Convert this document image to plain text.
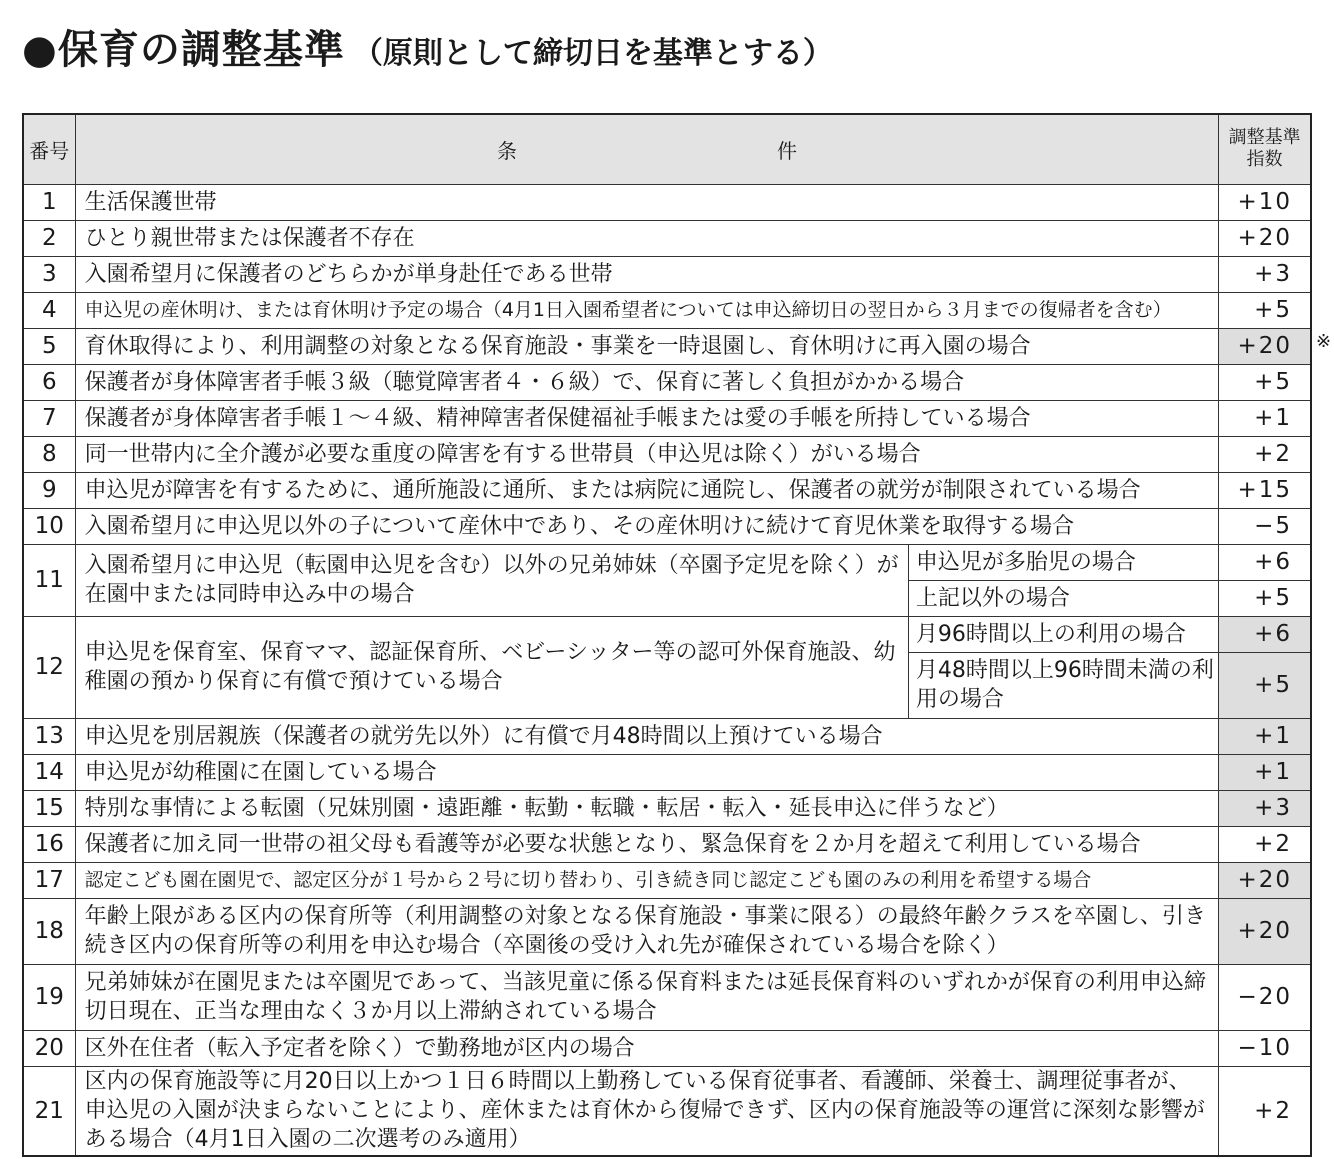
● 保育の調整基準 （原則として締切日を基準とする）
番号	条件		調整基準
指数

1	生活保護世帯		+10
2	ひとり親世帯または保護者不存在		+20
3	入園希望月に保護者のどちらかが単身赴任である世帯		+3
4	申込児の産休明け、または育休明け予定の場合（4月1日入園希望者については申込締切日の翌日から３月までの復帰者を含む）		+5
5	育休取得により、利用調整の対象となる保育施設・事業を一時退園し、育休明けに再入園の場合		+20
6	保護者が身体障害者手帳３級（聴覚障害者４・６級）で、保育に著しく負担がかかる場合		+5
7	保護者が身体障害者手帳１～４級、精神障害者保健福祉手帳または愛の手帳を所持している場合		+1
8	同一世帯内に全介護が必要な重度の障害を有する世帯員（申込児は除く）がいる場合		+2
9	申込児が障害を有するために、通所施設に通所、または病院に通院し、保護者の就労が制限されている場合		+15
10	入園希望月に申込児以外の子について産休中であり、その産休明けに続けて育児休業を取得する場合		−5
11	入園希望月に申込児（転園申込児を含む）以外の兄弟姉妹（卒園予定児を除く）が在園中または同時申込み中の場合	申込児が多胎児の場合	+6
		上記以外の場合	+5
12	申込児を保育室、保育ママ、認証保育所、ベビーシッター等の認可外保育施設、幼稚園の預かり保育に有償で預けている場合	月96時間以上の利用の場合	+6
		月48時間以上96時間未満の利用の場合	+5
13	申込児を別居親族（保護者の就労先以外）に有償で月48時間以上預けている場合		+1
14	申込児が幼稚園に在園している場合		+1
15	特別な事情による転園（兄妹別園・遠距離・転勤・転職・転居・転入・延長申込に伴うなど）		+3
16	保護者に加え同一世帯の祖父母も看護等が必要な状態となり、緊急保育を２か月を超えて利用している場合		+2
17	認定こども園在園児で、認定区分が１号から２号に切り替わり、引き続き同じ認定こども園のみの利用を希望する場合		+20
18	年齢上限がある区内の保育所等（利用調整の対象となる保育施設・事業に限る）の最終年齢クラスを卒園し、引き続き区内の保育所等の利用を申込む場合（卒園後の受け入れ先が確保されている場合を除く）		+20
19	兄弟姉妹が在園児または卒園児であって、当該児童に係る保育料または延長保育料のいずれかが保育の利用申込締切日現在、正当な理由なく３か月以上滞納されている場合		−20
20	区外在住者（転入予定者を除く）で勤務地が区内の場合		−10
21	区内の保育施設等に月20日以上かつ１日６時間以上勤務している保育従事者、看護師、栄養士、調理従事者が、申込児の入園が決まらないことにより、産休または育休から復帰できず、区内の保育施設等の運営に深刻な影響がある場合（4月1日入園の二次選考のみ適用）		+2
※
